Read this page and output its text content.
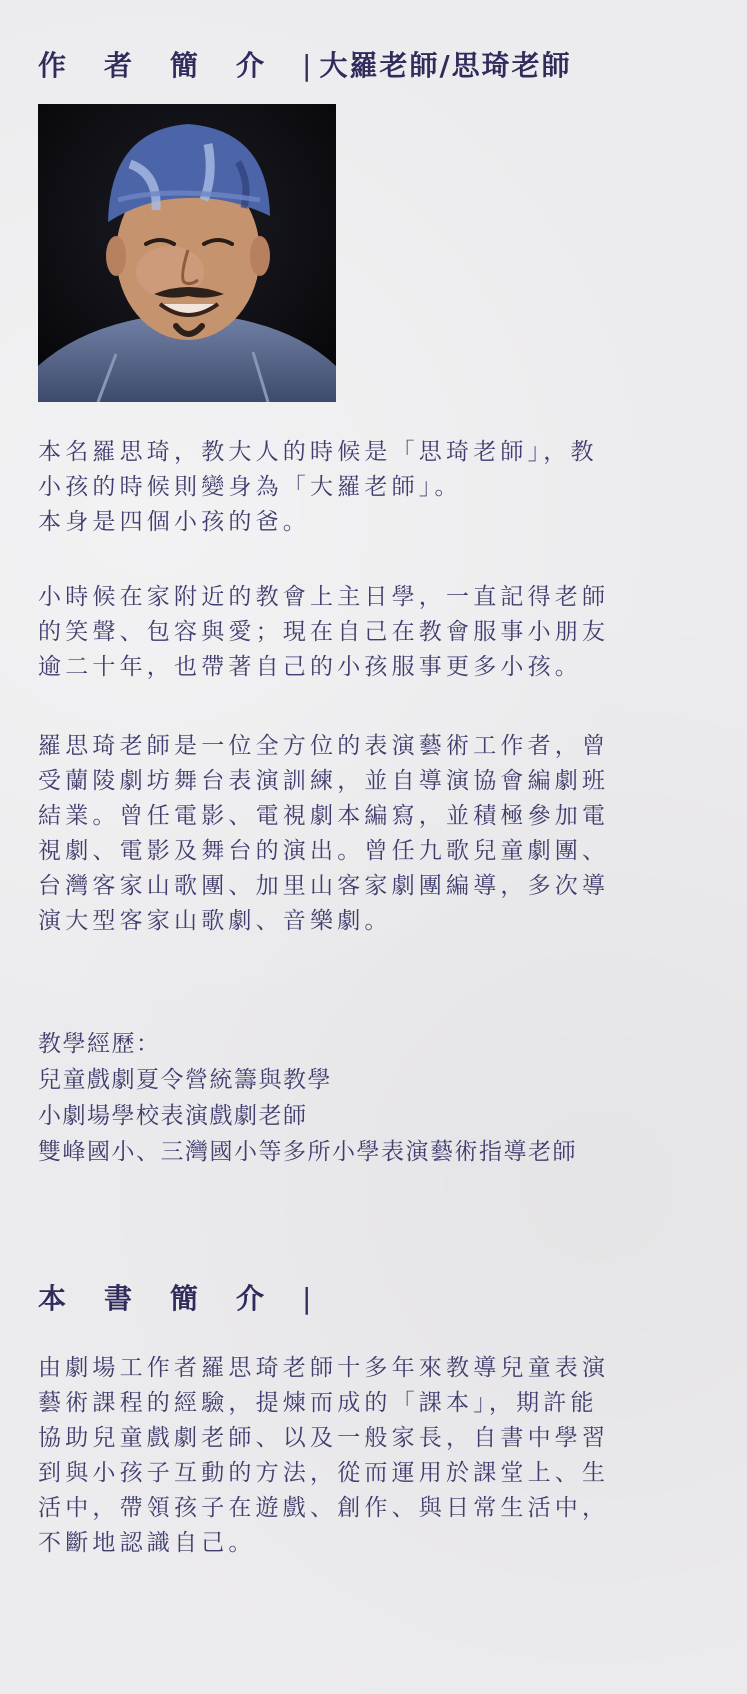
作者簡介| 大羅老師/思琦老師
本名羅思琦，教大人的時候是「思琦老師」，教
小孩的時候則變身為「大羅老師」。
本身是四個小孩的爸。
小時候在家附近的教會上主日學，一直記得老師
的笑聲、包容與愛；現在自己在教會服事小朋友
逾二十年，也帶著自己的小孩服事更多小孩。
羅思琦老師是一位全方位的表演藝術工作者，曾
受蘭陵劇坊舞台表演訓練，並自導演協會編劇班
結業。曾任電影、電視劇本編寫，並積極參加電
視劇、電影及舞台的演出。曾任九歌兒童劇團、
台灣客家山歌團、加里山客家劇團編導，多次導
演大型客家山歌劇、音樂劇。
教學經歷：
兒童戲劇夏令營統籌與教學
小劇場學校表演戲劇老師
雙峰國小、三灣國小等多所小學表演藝術指導老師
本書簡介|
由劇場工作者羅思琦老師十多年來教導兒童表演
藝術課程的經驗，提煉而成的「課本」，期許能
協助兒童戲劇老師、以及一般家長，自書中學習
到與小孩子互動的方法，從而運用於課堂上、生
活中，帶領孩子在遊戲、創作、與日常生活中，
不斷地認識自己。
